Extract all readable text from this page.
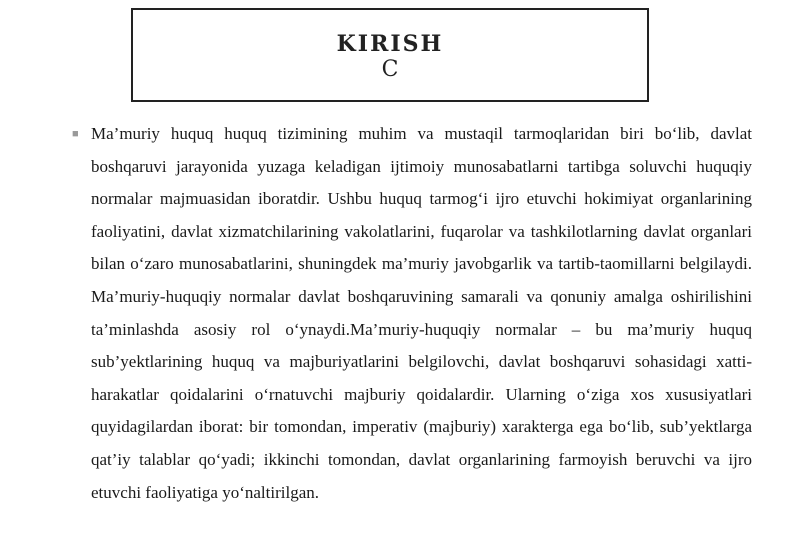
KIRISH
C
■ Ma’muriy huquq huquq tizimining muhim va mustaqil tarmoqlaridan biri bo‘lib, davlat boshqaruvi jarayonida yuzaga keladigan ijtimoiy munosabatlarni tartibga soluvchi huquqiy normalar majmuasidan iboratdir. Ushbu huquq tarmog‘i ijro etuvchi hokimiyat organlarining faoliyatini, davlat xizmatchilarining vakolatlarini, fuqarolar va tashkilotlarning davlat organlari bilan o‘zaro munosabatlarini, shuningdek ma’muriy javobgarlik va tartib-taomillarni belgilaydi. Ma’muriy-huquqiy normalar davlat boshqaruvining samarali va qonuniy amalga oshirilishini ta’minlashda asosiy rol o‘ynaydi.Ma’muriy-huquqiy normalar – bu ma’muriy huquq sub’yektlarining huquq va majburiyatlarini belgilovchi, davlat boshqaruvi sohasidagi xatti-harakatlar qoidalarini o‘rnatuvchi majburiy qoidalardir. Ularning o‘ziga xos xususiyatlari quyidagilardan iborat: bir tomondan, imperativ (majburiy) xarakterga ega bo‘lib, sub’yektlarga qat’iy talablar qo‘yadi; ikkinchi tomondan, davlat organlarining farmoyish beruvchi va ijro etuvchi faoliyatiga yo‘naltirilgan.
